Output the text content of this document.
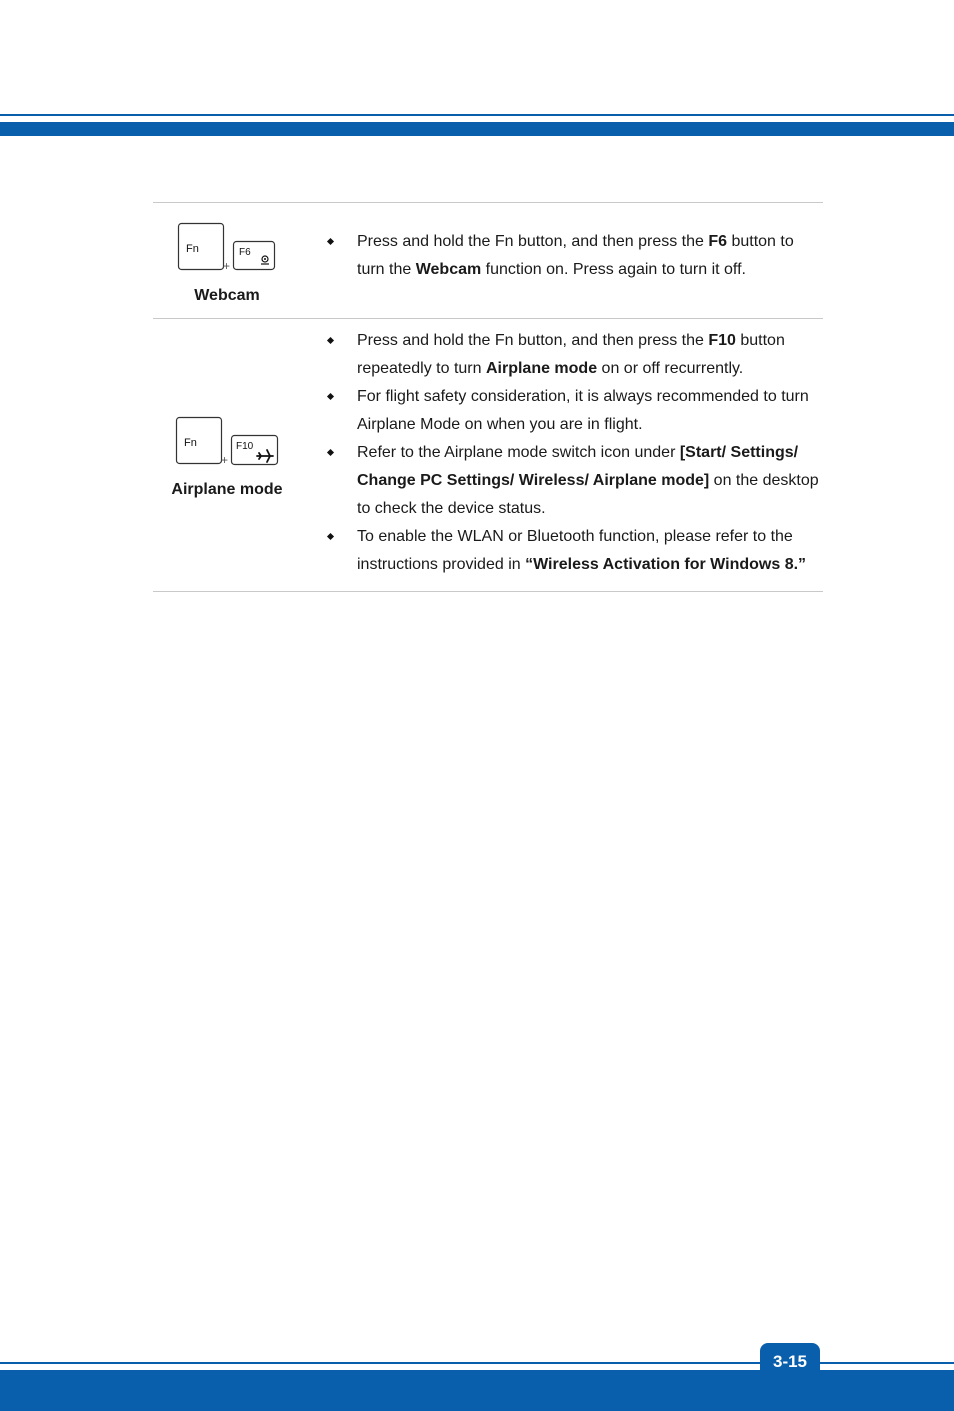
Fn
+
F6
Webcam
Press and hold the Fn button, and then press the F6 button to turn the Webcam function on. Press again to turn it off.
Fn
+
F10
Airplane mode
Press and hold the Fn button, and then press the F10 button repeatedly to turn Airplane mode on or off recurrently.
For flight safety consideration, it is always recommended to turn Airplane Mode on when you are in flight.
Refer to the Airplane mode switch icon under [Start/ Settings/ Change PC Settings/ Wireless/ Airplane mode] on the desktop to check the device status.
To enable the WLAN or Bluetooth function, please refer to the instructions provided in “Wireless Activation for Windows 8.”
3-15
